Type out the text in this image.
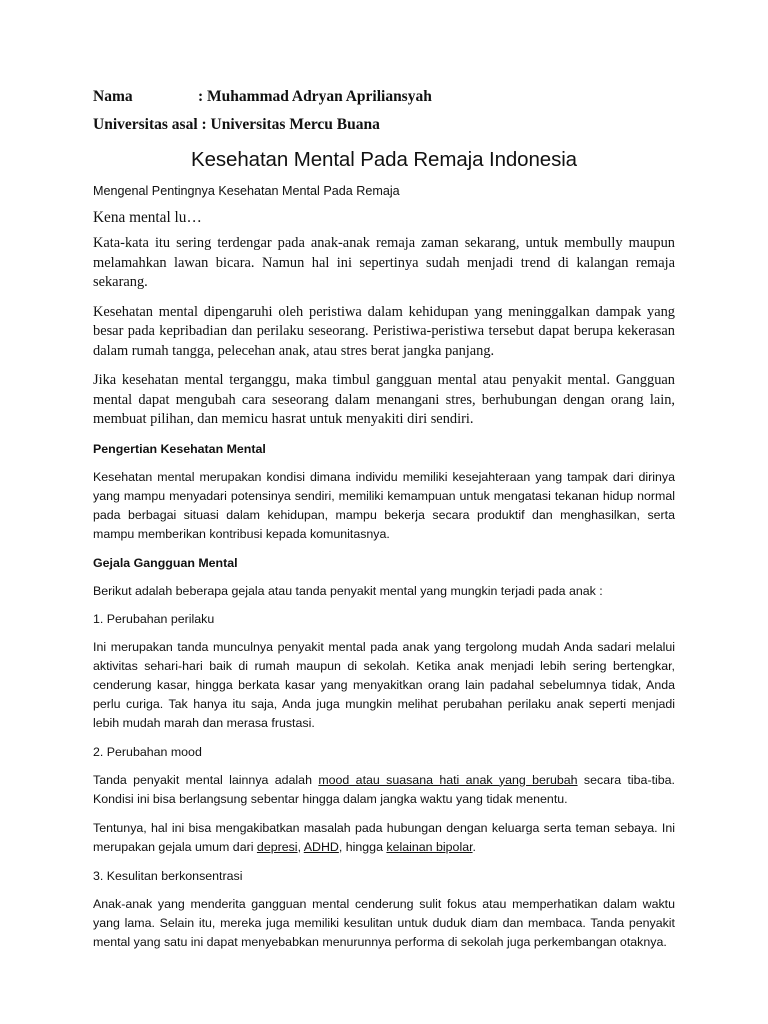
Nama	: Muhammad Adryan Apriliansyah
Universitas asal : Universitas Mercu Buana
Kesehatan Mental Pada Remaja Indonesia
Mengenal Pentingnya Kesehatan Mental Pada Remaja
Kena mental lu…

Kata-kata itu sering terdengar pada anak-anak remaja zaman sekarang, untuk membully maupun melamahkan lawan bicara. Namun hal ini sepertinya sudah menjadi trend di kalangan remaja sekarang.

Kesehatan mental dipengaruhi oleh peristiwa dalam kehidupan yang meninggalkan dampak yang besar pada kepribadian dan perilaku seseorang. Peristiwa-peristiwa tersebut dapat berupa kekerasan dalam rumah tangga, pelecehan anak, atau stres berat jangka panjang.

Jika kesehatan mental terganggu, maka timbul gangguan mental atau penyakit mental. Gangguan mental dapat mengubah cara seseorang dalam menangani stres, berhubungan dengan orang lain, membuat pilihan, dan memicu hasrat untuk menyakiti diri sendiri.

Pengertian Kesehatan Mental

Kesehatan mental merupakan kondisi dimana individu memiliki kesejahteraan yang tampak dari dirinya yang mampu menyadari potensinya sendiri, memiliki kemampuan untuk mengatasi tekanan hidup normal pada berbagai situasi dalam kehidupan, mampu bekerja secara produktif dan menghasilkan, serta mampu memberikan kontribusi kepada komunitasnya.

Gejala Gangguan Mental
Berikut adalah beberapa gejala atau tanda penyakit mental yang mungkin terjadi pada anak :
1. Perubahan perilaku

Ini merupakan tanda munculnya penyakit mental pada anak yang tergolong mudah Anda sadari melalui aktivitas sehari-hari baik di rumah maupun di sekolah. Ketika anak menjadi lebih sering bertengkar, cenderung kasar, hingga berkata kasar yang menyakitkan orang lain padahal sebelumnya tidak, Anda perlu curiga. Tak hanya itu saja, Anda juga mungkin melihat perubahan perilaku anak seperti menjadi lebih mudah marah dan merasa frustasi.

2. Perubahan mood

Tanda penyakit mental lainnya adalah mood atau suasana hati anak yang berubah secara tiba-tiba. Kondisi ini bisa berlangsung sebentar hingga dalam jangka waktu yang tidak menentu.

Tentunya, hal ini bisa mengakibatkan masalah pada hubungan dengan keluarga serta teman sebaya. Ini merupakan gejala umum dari depresi, ADHD, hingga kelainan bipolar.

3. Kesulitan berkonsentrasi

Anak-anak yang menderita gangguan mental cenderung sulit fokus atau memperhatikan dalam waktu yang lama. Selain itu, mereka juga memiliki kesulitan untuk duduk diam dan membaca. Tanda penyakit mental yang satu ini dapat menyebabkan menurunnya performa di sekolah juga perkembangan otaknya.
